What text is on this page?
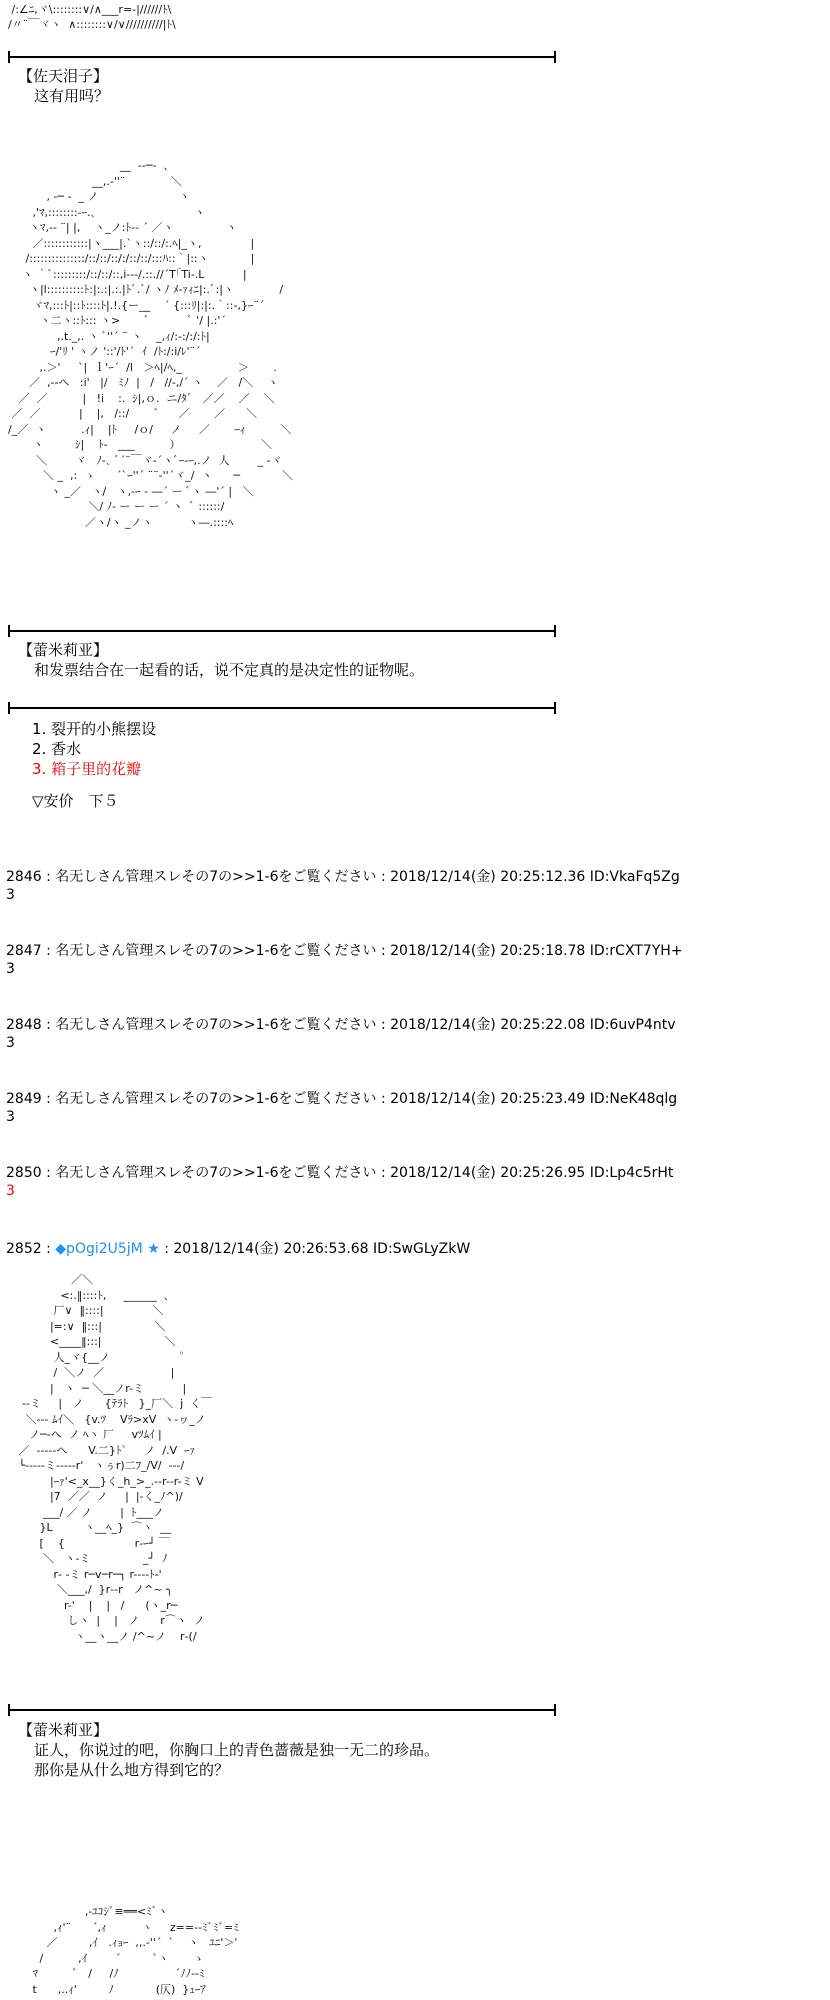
/:∠ﾆ,ヾ\::::::::∨/∧___r=-|//////ﾄ\
/〃¨￣ヾヽ  ∧::::::::∨/∨//////////|ﾄ\
【佐天泪子】
这有用吗？
__  --─-  、
__,.-''¨             ＼
, -─ -  _ ノ                       ヽ
,'ﾏ,::::::::-ｰ.､                            ヽ
ヽﾏ,-‐ ¨| |,    ヽ_ノ:ﾄ-‐ ´ ／ヽ               ヽ
／::::::::::::|ヽ___|.`ヽ::/::/:.ﾍ|_ヽ,              |
/:::::::::::::::/::/::/::/:/::/::/:::ﾊ::｀|::ヽ            |
ヽ ｀ﾞ:::::::::/::/::/::,i-‐-/.::.//´T｢Ti‐.L           |
ヽ|l::::::::::ﾄ:|:.:|.:.|ﾄﾞ.ﾞ/ ヽﾉ ﾒ‐ｧｨﾆ|:.ﾞ:|ヽ             /
ヾﾏ,:::ﾄ|::ﾄ::::ﾄ|.!.{ー__    ´ {:::ﾘ|:|:.｀::‐,}ｰ¨´
ヽ二ヽ::ﾄ::: ヽ>       ﾞ           ﾞ '/ |.:'´
,.t._,. ヽ ﾞ''´ ¨ ヽ    _,ｨ/:-:/:/:ﾄ|
ｰ/'ﾘ ' ヽノ '::'/ﾄ'´  ｲ  /ﾄ:/:i/ﾚ'¨´
,.＞'     `|  ｌ'ｰ´  /l   ＞ﾍ|/ﾍ,_                ＞       .
／  ,-‐ヘ   :i'   |/   ﾐﾉ  |   /   //‐,/´ ヽ    ／   /＼    ヽ
／  ／          |   !i    :.  ｼ|,ｏ.  ニ/ﾀﾞ   ／／    ／    ＼
／  ／           |    |,   /::/       ゛    ／       ／      ＼
/_／  ヽ          .ｨ|    |ﾄ     /ｏ/     ノ     ／       ｰｨ          ＼
ヽ         ｼ|    ﾄ‐   ___          ）                       ＼
＼        ヾ   ﾉ-､ ﾞ´¨￣ヾ-´ヽﾞｰ‐ｰ,.ノ  人        _ ‐ヾ
＼ _  ,:  ゝ      ´`ｰ''´ ¨¨-''´ヾ_/  ヽ      ─            ＼
ヽ _／   ヽ/   ヽ,-ｰ - ―´ ー ﾞヽ ―'´ |   ＼
＼/ ﾉ‐ ー ー ー ´ ヽ  ﾞ ::::::/
／ヽ/ヽ _ノヽ          ヽ―.::::ﾍ
【蕾米莉亚】
和发票结合在一起看的话，说不定真的是决定性的证物呢。
1. 裂开的小熊摆设
2. 香水
3. 箱子里的花瓣
▽安价　下５
2846 : 名无しさん管理スレその7の>>1-6をご覧ください : 2018/12/14(金) 20:25:12.36 ID:VkaFq5Zg
3
2847 : 名无しさん管理スレその7の>>1-6をご覧ください : 2018/12/14(金) 20:25:18.78 ID:rCXT7YH+
3
2848 : 名无しさん管理スレその7の>>1-6をご覧ください : 2018/12/14(金) 20:25:22.08 ID:6uvP4ntv
3
2849 : 名无しさん管理スレその7の>>1-6をご覧ください : 2018/12/14(金) 20:25:23.49 ID:NeK48qlg
3
2850 : 名无しさん管理スレその7の>>1-6をご覧ください : 2018/12/14(金) 20:25:26.95 ID:Lp4c5rHt
3
2852 : ◆pOgi2U5jM ★ : 2018/12/14(金) 20:26:53.68 ID:SwGLyZkW
／＼
<:.‖::::ﾄ,     ______  、
厂∨  ‖::::|              ＼
|=:∨  ‖:::|               ＼
<____‖:::|                  ＼
人_ヾ{__ノ                    ゜
/  ＼ノ  ／                   |
|   ヽ  ─ ＼__ノr-ミ           |
-‐ミ     |   ノ      {ﾃﾗﾄ   }_厂＼  j  く￣
＼‐-- ﾑｲ＼   {v.ﾂ    Vﾗ>xV  ヽ‐ヮ_ノ
ノ─‐ヘ  ノ ﾍヽ 厂     vﾂﾑｲ |
／  -----ヘ      V.二}ﾄ`     ノ  /.V  ｰｧ
└-----ミ-----r'   ヽぅr)二ﾌ_/V/  ---/
|ｰｧ'<_x__}く_h_>_.--r-‐r-ミ V
|7  ／／  ノ     |  |-く_ﾉ^)/
___/ ／ ノ        |  ﾄ___ノ
}L         ヽ__ﾍ_}  ⌒ヽ  __
[    {                    r‐ｰ┘ ￣
＼   ヽ‐ミ               _┘  ﾉ
r‐ ‐ミ r─v─r─┐ r----ﾄ‐'
＼___,/  }r‐‐r   ノ^~ ╮
r-'    |    |   /      (ヽ_r─
しヽ  |    |   ノ      r⌒ヽ  ノ
ヽ__ヽ__ノ /^~ノ    r‐(/
【蕾米莉亚】
证人，你说过的吧，你胸口上的青色蔷薇是独一无二的珍品。
那你是从什么地方得到它的？
,-ﾕｺｼﾞ≡══<ﾐﾞヽ
,ｨ'¨      ´,ｨ          ヽ     z==-‐ﾐﾞﾐﾞ=ﾐ
／         ,ｲ   .ｨｮｰ  ,,.-''´  `    ヽ   ﾕﾆ'＞'
/          ,ｲ        ´         `ヽ       ゝ
ﾏ          ﾞ   /     /ﾉ                ´ﾉﾉ--ﾐ
t      ,..ｨ'         ﾉ            (仄)  }ｭｰｱ
